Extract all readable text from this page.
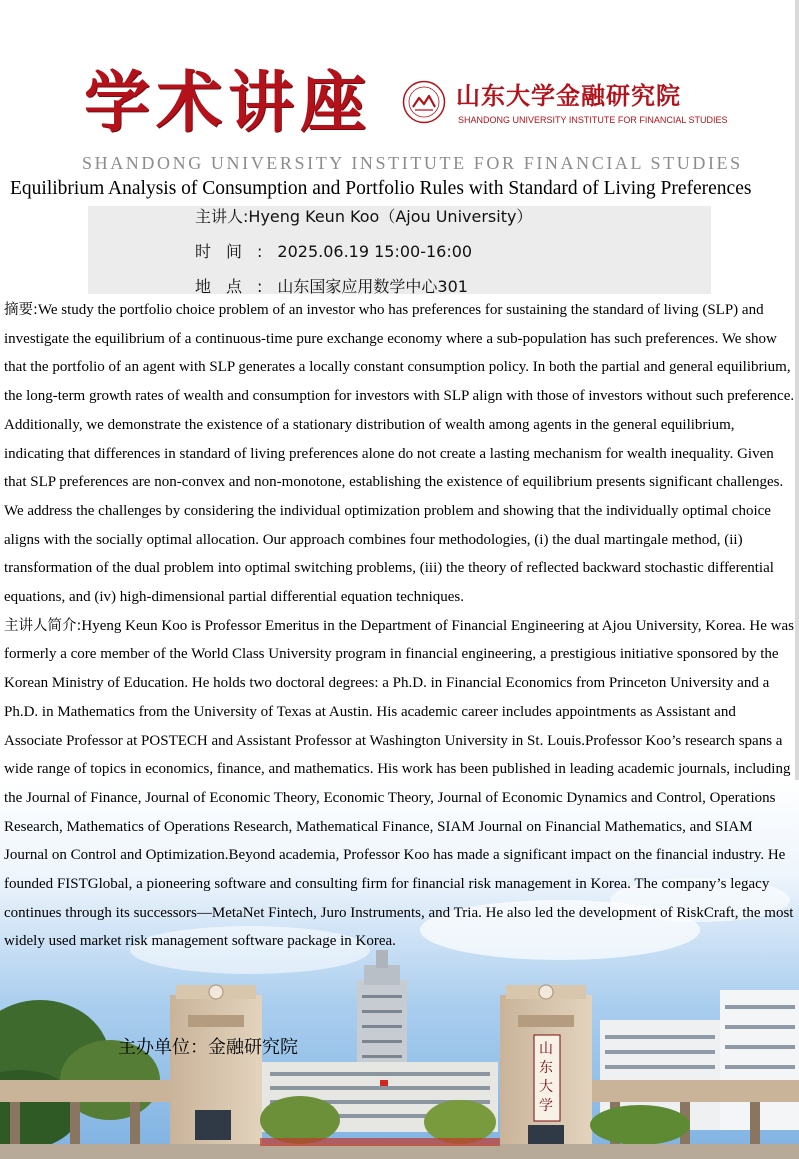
学术讲座	山东大学金融研究院
SHANDONG UNIVERSITY INSTITUTE FOR FINANCIAL STUDIES
SHANDONG UNIVERSITY INSTITUTE FOR FINANCIAL STUDIES
Equilibrium Analysis of Consumption and Portfolio Rules with Standard of Living Preferences
主讲人:Hyeng Keun Koo（Ajou University）
时间:2025.06.19 15:00-16:00
地点:山东国家应用数学中心301
山东大学

摘要:We study the portfolio choice problem of an investor who has preferences for sustaining the standard of living (SLP) and investigate the equilibrium of a continuous-time pure exchange economy where a sub-population has such preferences. We show that the portfolio of an agent with SLP generates a locally constant consumption policy. In both the partial and general equilibrium, the long-term growth rates of wealth and consumption for investors with SLP align with those of investors without such preference. Additionally, we demonstrate the existence of a stationary distribution of wealth among agents in the general equilibrium, indicating that differences in standard of living preferences alone do not create a lasting mechanism for wealth inequality. Given that SLP preferences are non-convex and non-monotone, establishing the existence of equilibrium presents significant challenges. We address the challenges by considering the individual optimization problem and showing that the individually optimal choice aligns with the socially optimal allocation. Our approach combines four methodologies, (i) the dual martingale method, (ii) transformation of the dual problem into optimal switching problems, (iii) the theory of reflected backward stochastic differential equations, and (iv) high-dimensional partial differential equation techniques.

主讲人简介:Hyeng Keun Koo is Professor Emeritus in the Department of Financial Engineering at Ajou University, Korea. He was formerly a core member of the World Class University program in financial engineering, a prestigious initiative sponsored by the Korean Ministry of Education. He holds two doctoral degrees: a Ph.D. in Financial Economics from Princeton University and a Ph.D. in Mathematics from the University of Texas at Austin. His academic career includes appointments as Assistant and Associate Professor at POSTECH and Assistant Professor at Washington University in St. Louis.Professor Koo’s research spans a wide range of topics in economics, finance, and mathematics. His work has been published in leading academic journals, including the Journal of Finance, Journal of Economic Theory, Economic Theory, Journal of Economic Dynamics and Control, Operations Research, Mathematics of Operations Research, Mathematical Finance, SIAM Journal on Financial Mathematics, and SIAM Journal on Control and Optimization.Beyond academia, Professor Koo has made a significant impact on the financial industry. He founded FISTGlobal, a pioneering software and consulting firm for financial risk management in Korea. The company’s legacy continues through its successors—MetaNet Fintech, Juro Instruments, and Tria. He also led the development of RiskCraft, the most widely used market risk management software package in Korea.

主办单位：金融研究院
